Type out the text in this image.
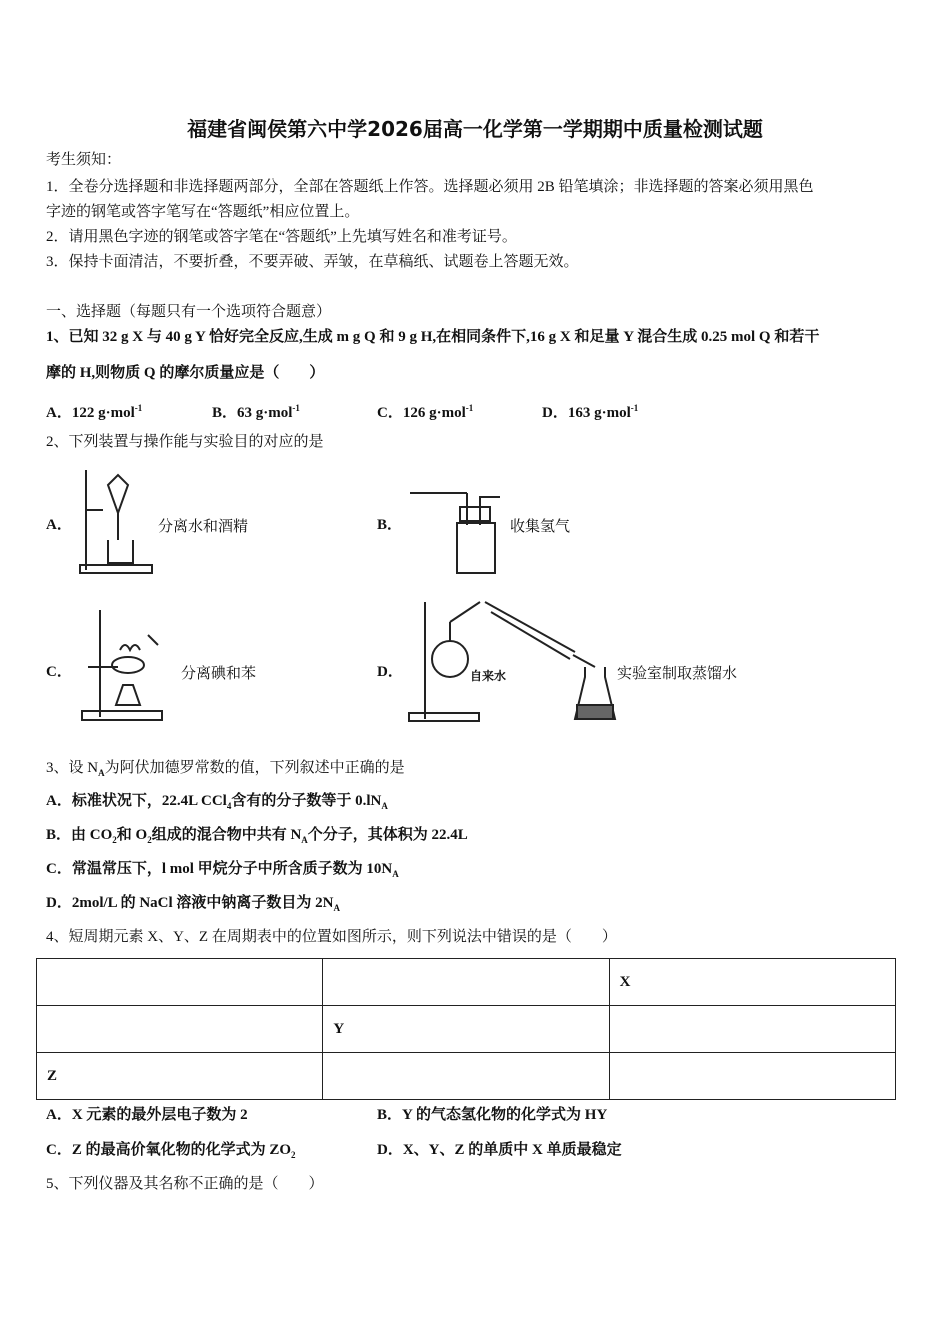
福建省闽侯第六中学2026届高一化学第一学期期中质量检测试题
考生须知：
1．全卷分选择题和非选择题两部分，全部在答题纸上作答。选择题必须用 2B 铅笔填涂；非选择题的答案必须用黑色
字迹的钢笔或答字笔写在“答题纸”相应位置上。
2．请用黑色字迹的钢笔或答字笔在“答题纸”上先填写姓名和准考证号。
3．保持卡面清洁，不要折叠，不要弄破、弄皱，在草稿纸、试题卷上答题无效。
一、选择题（每题只有一个选项符合题意）
1、已知 32 g X 与 40 g Y 恰好完全反应,生成 m g Q 和 9 g H,在相同条件下,16 g X 和足量 Y 混合生成 0.25 mol Q 和若干
摩的 H,则物质 Q 的摩尔质量应是（　　）
A．122 g·mol$^{-1}$	B．63 g·mol$^{-1}$	C．126 g·mol$^{-1}$	D．163 g·mol$^{-1}$
2、下列装置与操作能与实验目的对应的是
A．	分离水和酒精	B．	收集氢气
C．	分离碘和苯	D．	自来水	实验室制取蒸馏水
3、设 $N_A$为阿伏加德罗常数的值，下列叙述中正确的是
A．标准状况下，22.4L CCl$_4$含有的分子数等于 $0.lN_A$
B．由 $CO_2$和 $O_2$组成的混合物中共有 $N_A$个分子，其体积为 22.4L
C．常温常压下，l mol 甲烷分子中所含质子数为 $10N_A$
D．2mol/L 的 NaCl 溶液中钠离子数目为 $2N_A$
4、短周期元素 X、Y、Z 在周期表中的位置如图所示，则下列说法中错误的是（　　）
		X
	Y	
Z		
A．X 元素的最外层电子数为 2	B．Y 的气态氢化物的化学式为 HY
C．Z 的最高价氧化物的化学式为 $ZO_2$	D．X、Y、Z 的单质中 X 单质最稳定
5、下列仪器及其名称不正确的是（　　）
